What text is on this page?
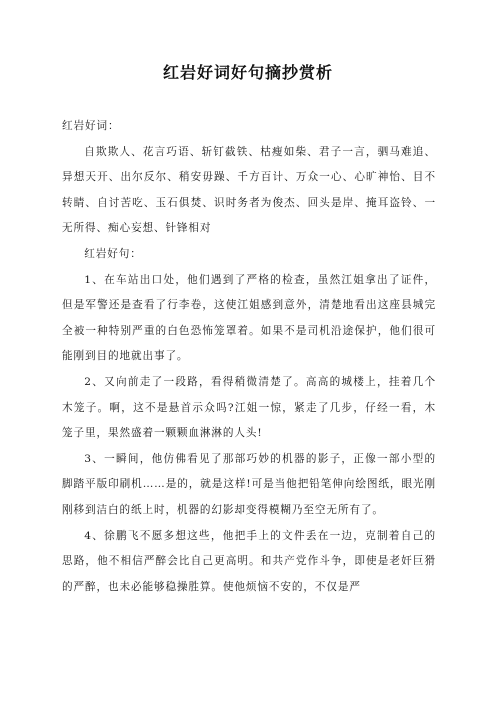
红岩好词好句摘抄赏析

红岩好词：

自欺欺人、花言巧语、斩钉截铁、枯瘦如柴、君子一言，驷马难追、异想天开、出尔反尔、稍安毋躁、千方百计、万众一心、心旷神怡、目不转睛、自讨苦吃、玉石俱焚、识时务者为俊杰、回头是岸、掩耳盗铃、一无所得、痴心妄想、针锋相对

红岩好句：

1、在车站出口处，他们遇到了严格的检查，虽然江姐拿出了证件，但是军警还是查看了行李卷，这使江姐感到意外，清楚地看出这座县城完全被一种特别严重的白色恐怖笼罩着。如果不是司机沿途保护，他们很可能刚到目的地就出事了。

2、又向前走了一段路，看得稍微清楚了。高高的城楼上，挂着几个木笼子。啊，这不是悬首示众吗?江姐一惊，紧走了几步，仔经一看，木笼子里，果然盛着一颗颗血淋淋的人头!

3、一瞬间，他仿佛看见了那部巧妙的机器的影子，正像一部小型的脚踏平版印刷机……是的，就是这样!可是当他把铅笔伸向绘图纸，眼光刚刚移到洁白的纸上时，机器的幻影却变得模糊乃至空无所有了。

4、徐鹏飞不愿多想这些，他把手上的文件丢在一边，克制着自己的思路，他不相信严醉会比自己更高明。和共产党作斗争，即使是老奸巨猾的严醉，也未必能够稳操胜算。使他烦恼不安的，不仅是严
